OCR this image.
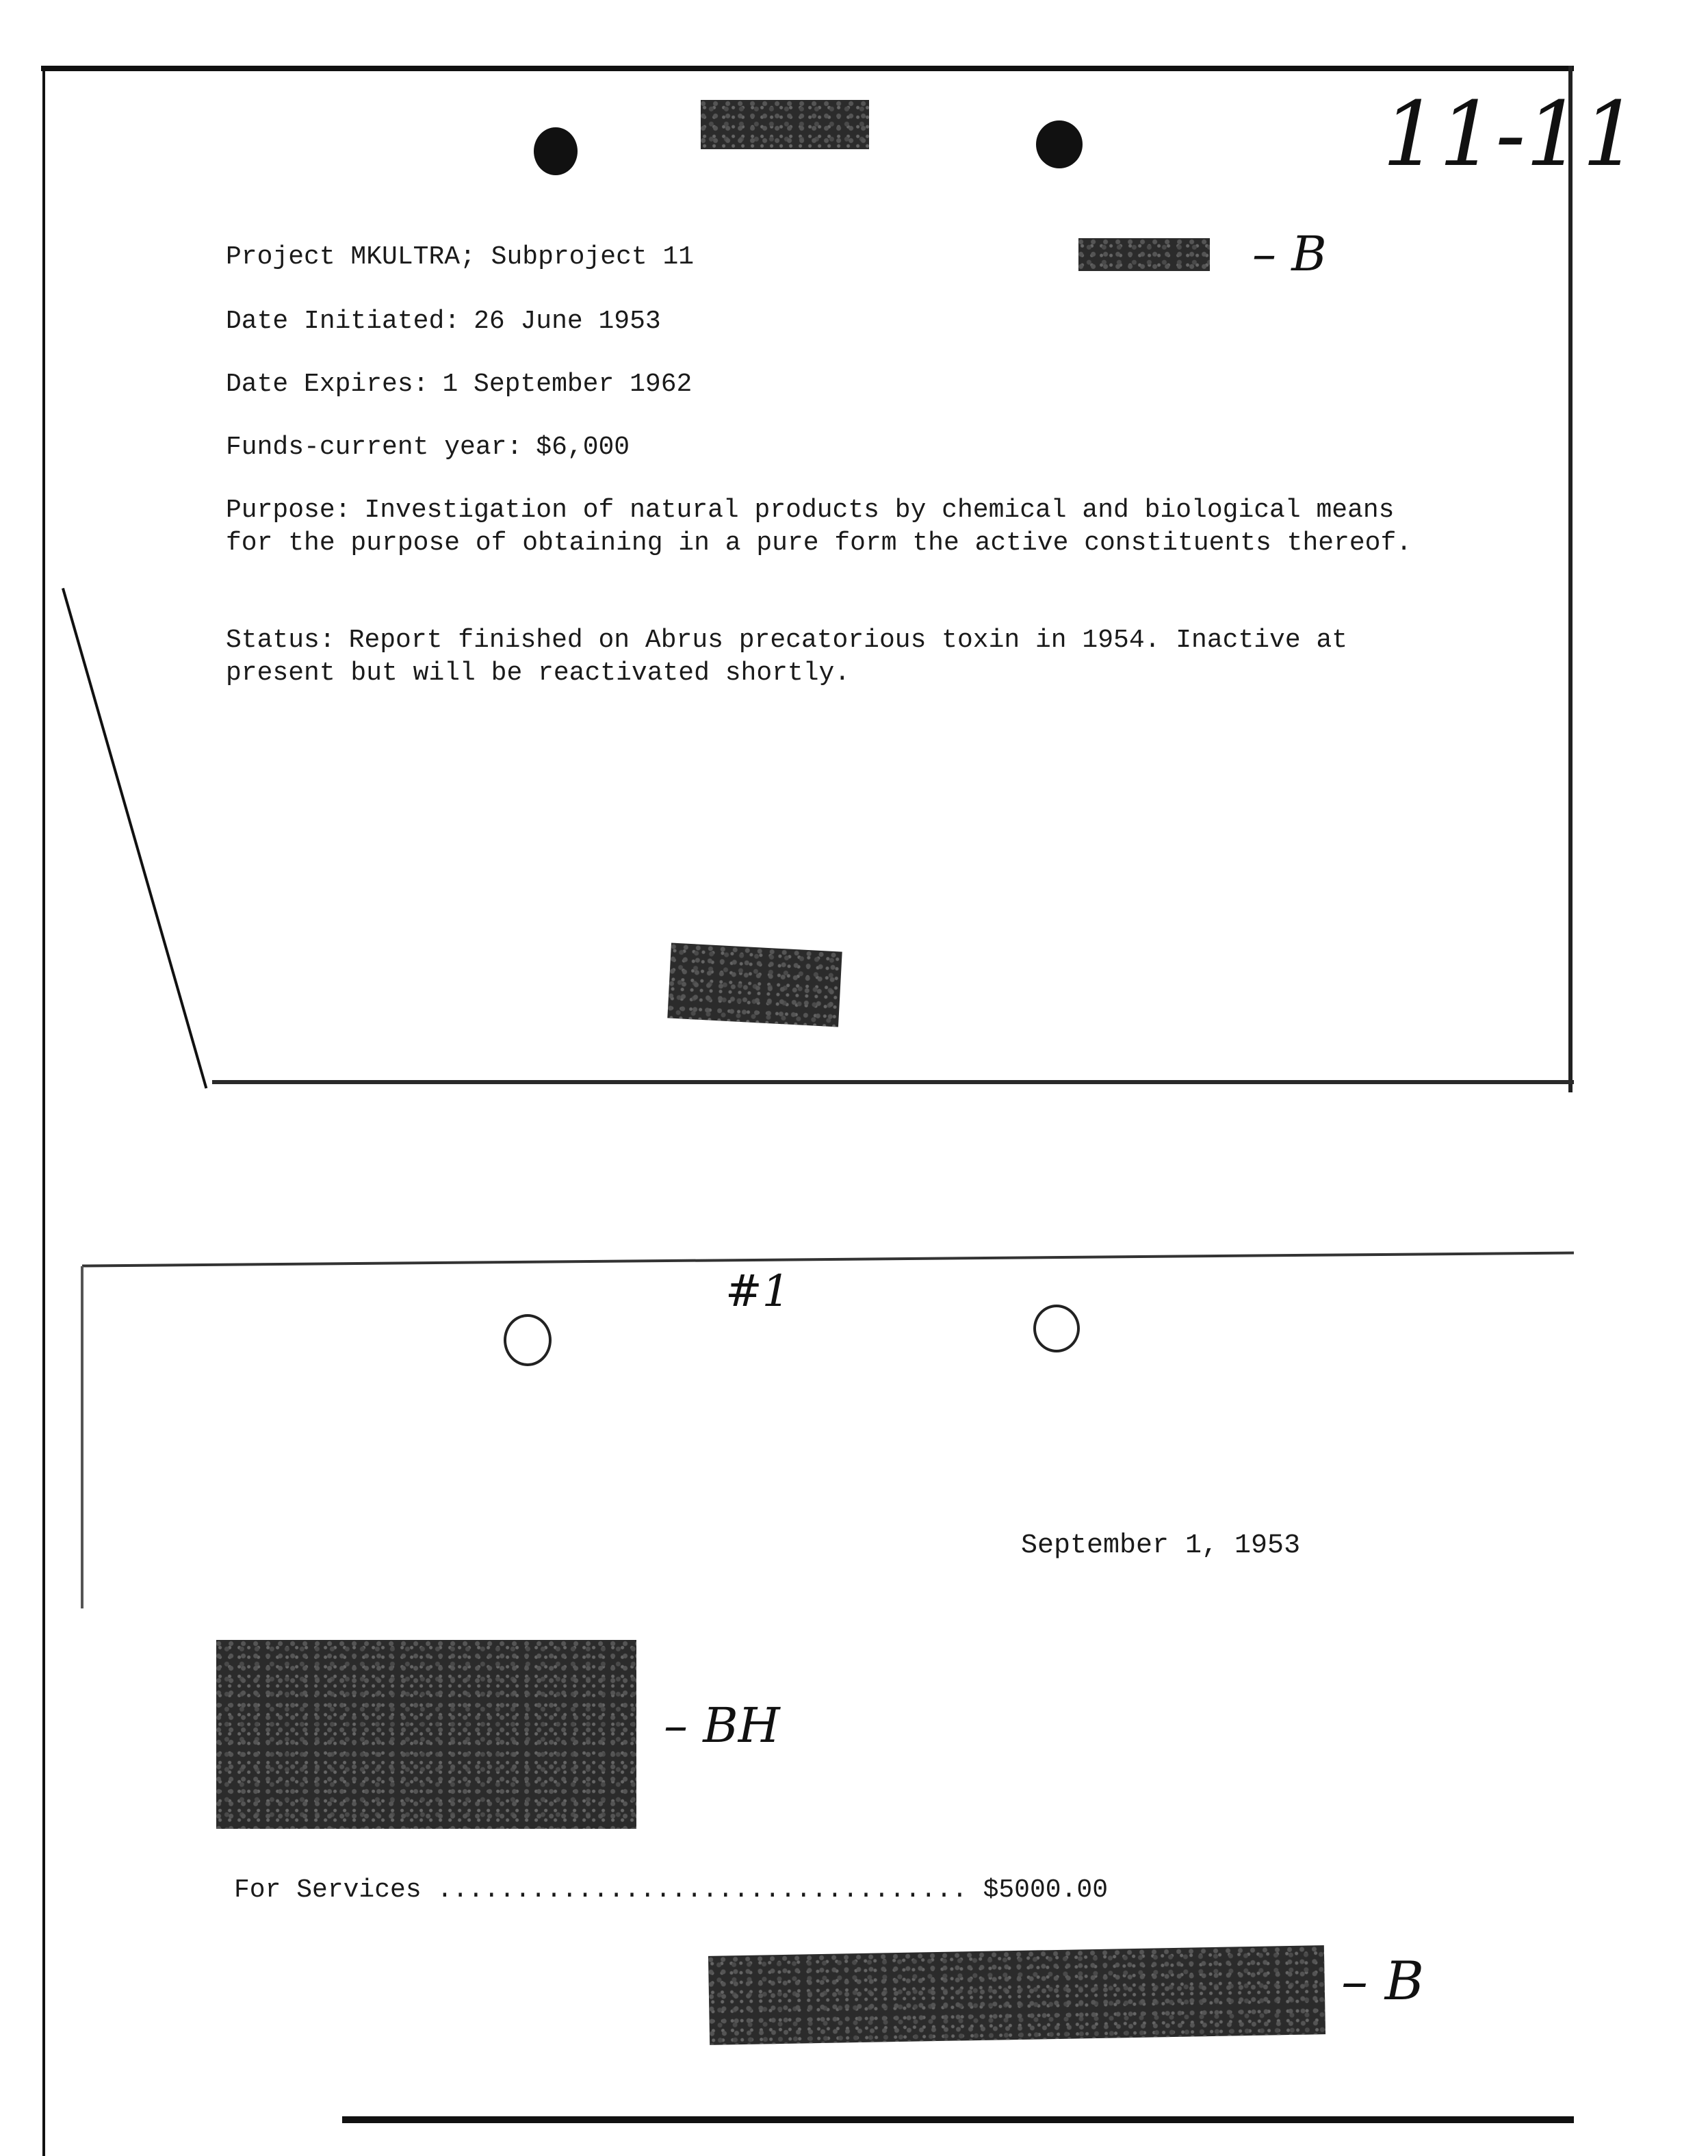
11-11
– B
Project MKULTRA; Subproject 11
Date Initiated: 26 June 1953
Date Expires: 1 September 1962
Funds-current year: $6,000
Purpose: Investigation of natural products by chemical and biological means for the purpose of obtaining in a pure form the active constituents thereof.
Status: Report finished on Abrus precatorious toxin in 1954. Inactive at present but will be reactivated shortly.
#1
September 1, 1953
– BH
For Services .................................. $5000.00
– B
